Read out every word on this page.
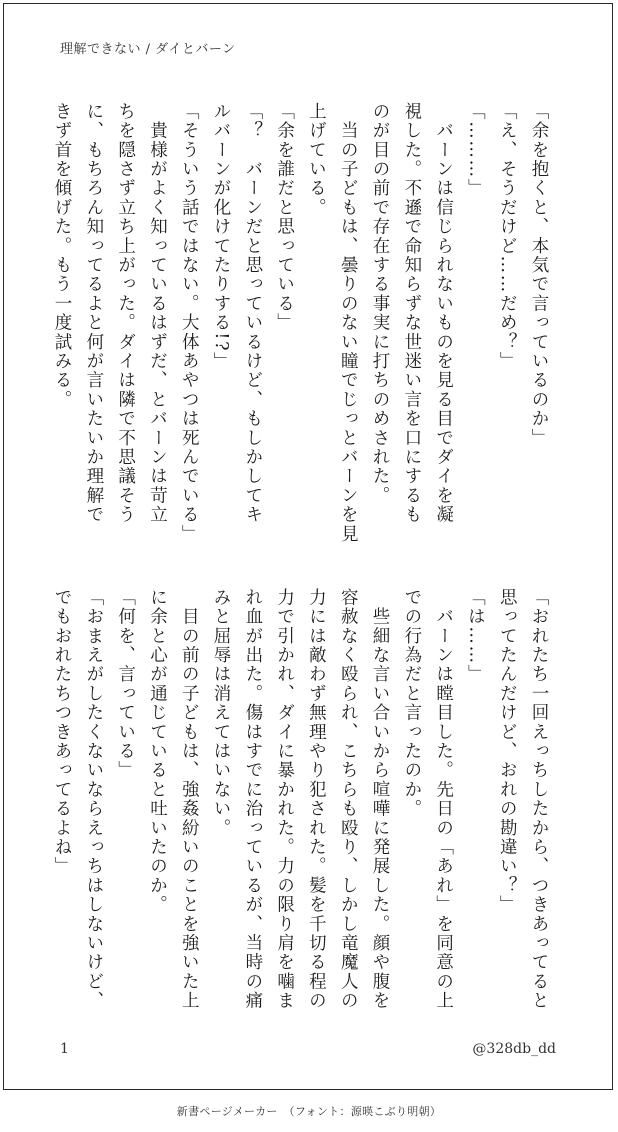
理解できない / ダイとバーン
「余を抱くと、本気で言っているのか」
「え、そうだけど……だめ？」
「………」
　バーンは信じられないものを見る目でダイを凝
視した。不遜で命知らずな世迷い言を口にするも
のが目の前で存在する事実に打ちのめされた。
　当の子どもは、曇りのない瞳でじっとバーンを見
上げている。
「余を誰だと思っている」
「？　バーンだと思っているけど、もしかしてキ
ルバーンが化けてたりする!?」
「そういう話ではない。大体あやつは死んでいる」
　貴様がよく知っているはずだ、とバーンは苛立
ちを隠さず立ち上がった。ダイは隣で不思議そう
に、もちろん知ってるよと何が言いたいか理解で
きず首を傾げた。もう一度試みる。
「おれたち一回えっちしたから、つきあってると
思ってたんだけど、おれの勘違い？」
「は……」
　バーンは瞠目した。先日の「あれ」を同意の上
での行為だと言ったのか。
　些細な言い合いから喧嘩に発展した。顔や腹を
容赦なく殴られ、こちらも殴り、しかし竜魔人の
力には敵わず無理やり犯された。髪を千切る程の
力で引かれ、ダイに暴かれた。力の限り肩を噛ま
れ血が出た。傷はすでに治っているが、当時の痛
みと屈辱は消えてはいない。
　目の前の子どもは、強姦紛いのことを強いた上
に余と心が通じていると吐いたのか。
「何を、言っている」
「おまえがしたくないならえっちはしないけど、
でもおれたちつきあってるよね」
1	@328db_dd
新書ページメーカー　（フォント：源暎こぶり明朝）
